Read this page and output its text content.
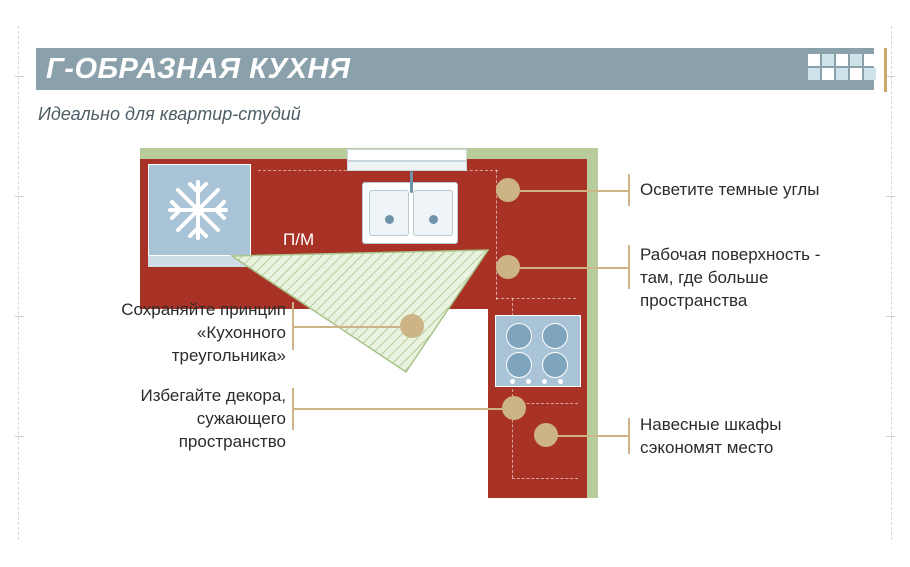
Г-ОБРАЗНАЯ КУХНЯ
Идеально для квартир-студий
П/М
Осветите темные углы
Рабочая поверхность -
там, где больше
пространства
Навесные шкафы
сэкономят место
Сохраняйте принцип
«Кухонного
треугольника»
Избегайте декора,
сужающего
пространство
